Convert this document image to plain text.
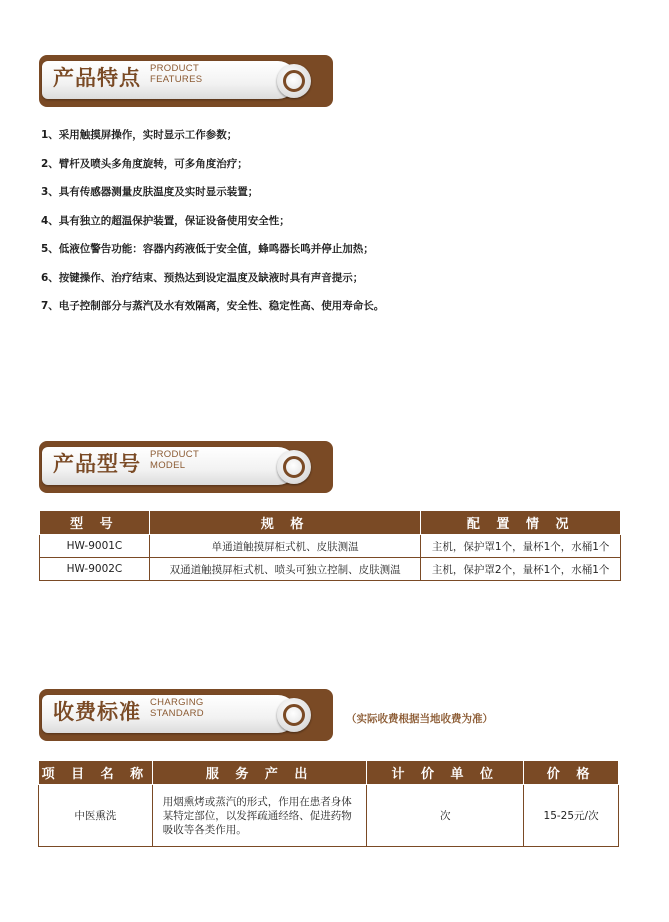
产品特点 PRODUCT
FEATURES
1、采用触摸屏操作，实时显示工作参数；
2、臂杆及喷头多角度旋转，可多角度治疗；
3、具有传感器测量皮肤温度及实时显示装置；
4、具有独立的超温保护装置，保证设备使用安全性；
5、低液位警告功能：容器内药液低于安全值，蜂鸣器长鸣并停止加热；
6、按键操作、治疗结束、预热达到设定温度及缺液时具有声音提示；
7、电子控制部分与蒸汽及水有效隔离，安全性、稳定性高、使用寿命长。
产品型号 PRODUCT
MODEL
型 号	规 格	配 置 情 况
HW-9001C	单通道触摸屏柜式机、皮肤测温	主机，保护罩1个，量杯1个，水桶1个
HW-9002C	双通道触摸屏柜式机、喷头可独立控制、皮肤测温	主机，保护罩2个，量杯1个，水桶1个
收费标准 CHARGING
STANDARD	（实际收费根据当地收费为准）
项 目 名 称	服 务 产 出	计 价 单 位	价 格
中医熏洗	用烟熏烤或蒸汽的形式，作用在患者身体某特定部位，以发挥疏通经络、促进药物吸收等各类作用。	次	15-25元/次
